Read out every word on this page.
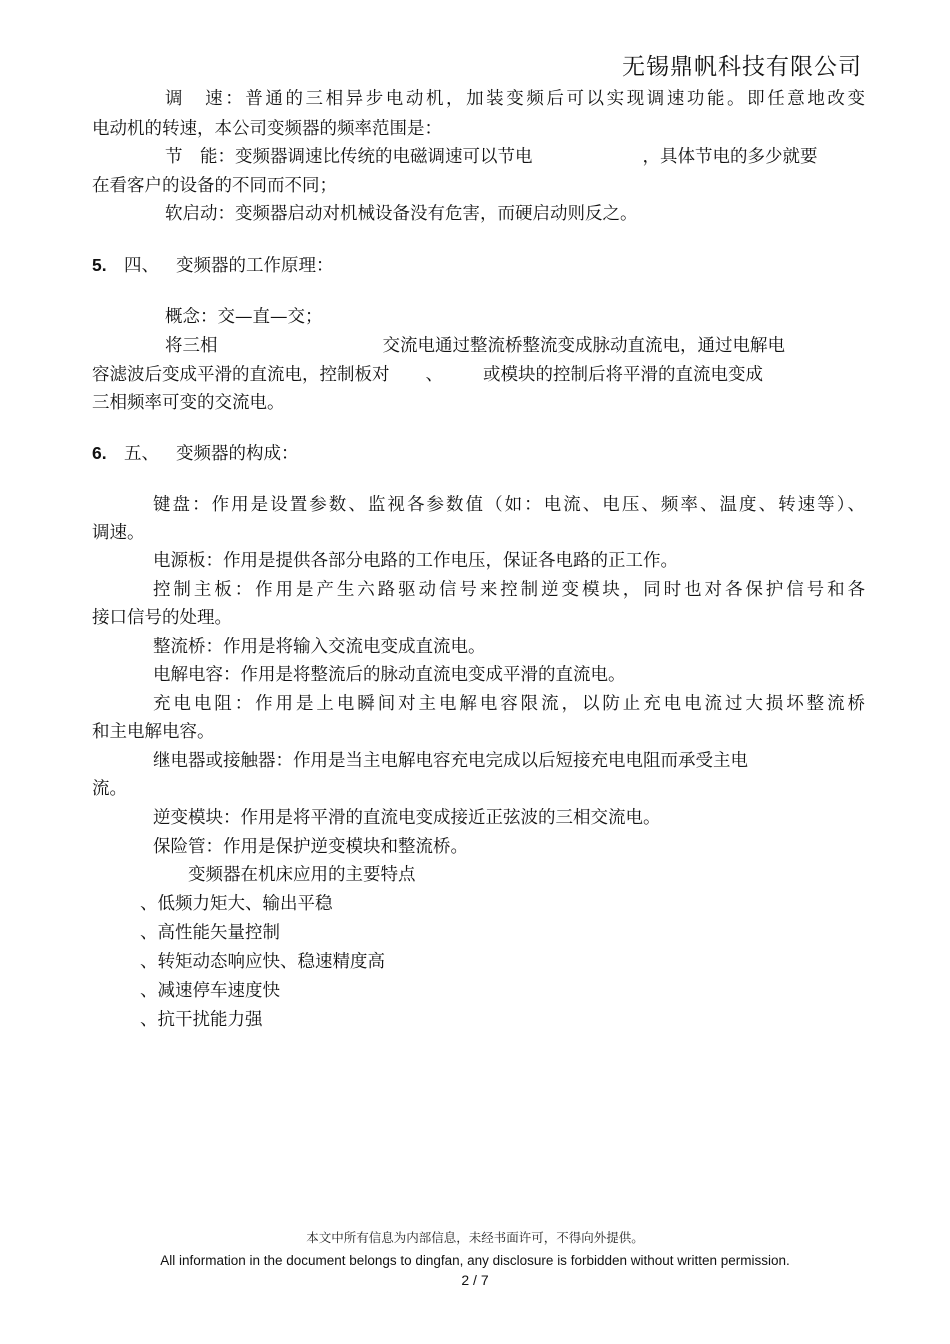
无锡鼎帆科技有限公司
调　速：普通的三相异步电动机，加装变频后可以实现调速功能。即任意地改变
电动机的转速，本公司变频器的频率范围是：
节　能：变频器调速比传统的电磁调速可以节电	，具体节电的多少就要
在看客户的设备的不同而不同；
软启动：变频器启动对机械设备没有危害，而硬启动则反之。
5. 四、 变频器的工作原理：
概念：交—直—交；
将三相	交流电通过整流桥整流变成脉动直流电，通过电解电
容滤波后变成平滑的直流电，控制板对 、 或模块的控制后将平滑的直流电变成
三相频率可变的交流电。
6. 五、 变频器的构成：
键盘：作用是设置参数、监视各参数值（如：电流、电压、频率、温度、转速等）、
调速。
电源板：作用是提供各部分电路的工作电压，保证各电路的正工作。
控制主板：作用是产生六路驱动信号来控制逆变模块，同时也对各保护信号和各
接口信号的处理。
整流桥：作用是将输入交流电变成直流电。
电解电容：作用是将整流后的脉动直流电变成平滑的直流电。
充电电阻：作用是上电瞬间对主电解电容限流，以防止充电电流过大损坏整流桥
和主电解电容。
继电器或接触器：作用是当主电解电容充电完成以后短接充电电阻而承受主电
流。
逆变模块：作用是将平滑的直流电变成接近正弦波的三相交流电。
保险管：作用是保护逆变模块和整流桥。
变频器在机床应用的主要特点
、低频力矩大、输出平稳
、高性能矢量控制
、转矩动态响应快、稳速精度高
、减速停车速度快
、抗干扰能力强
本文中所有信息为内部信息，未经书面许可，不得向外提供。
All information in the document belongs to dingfan, any disclosure is forbidden without written permission.
2 / 7
